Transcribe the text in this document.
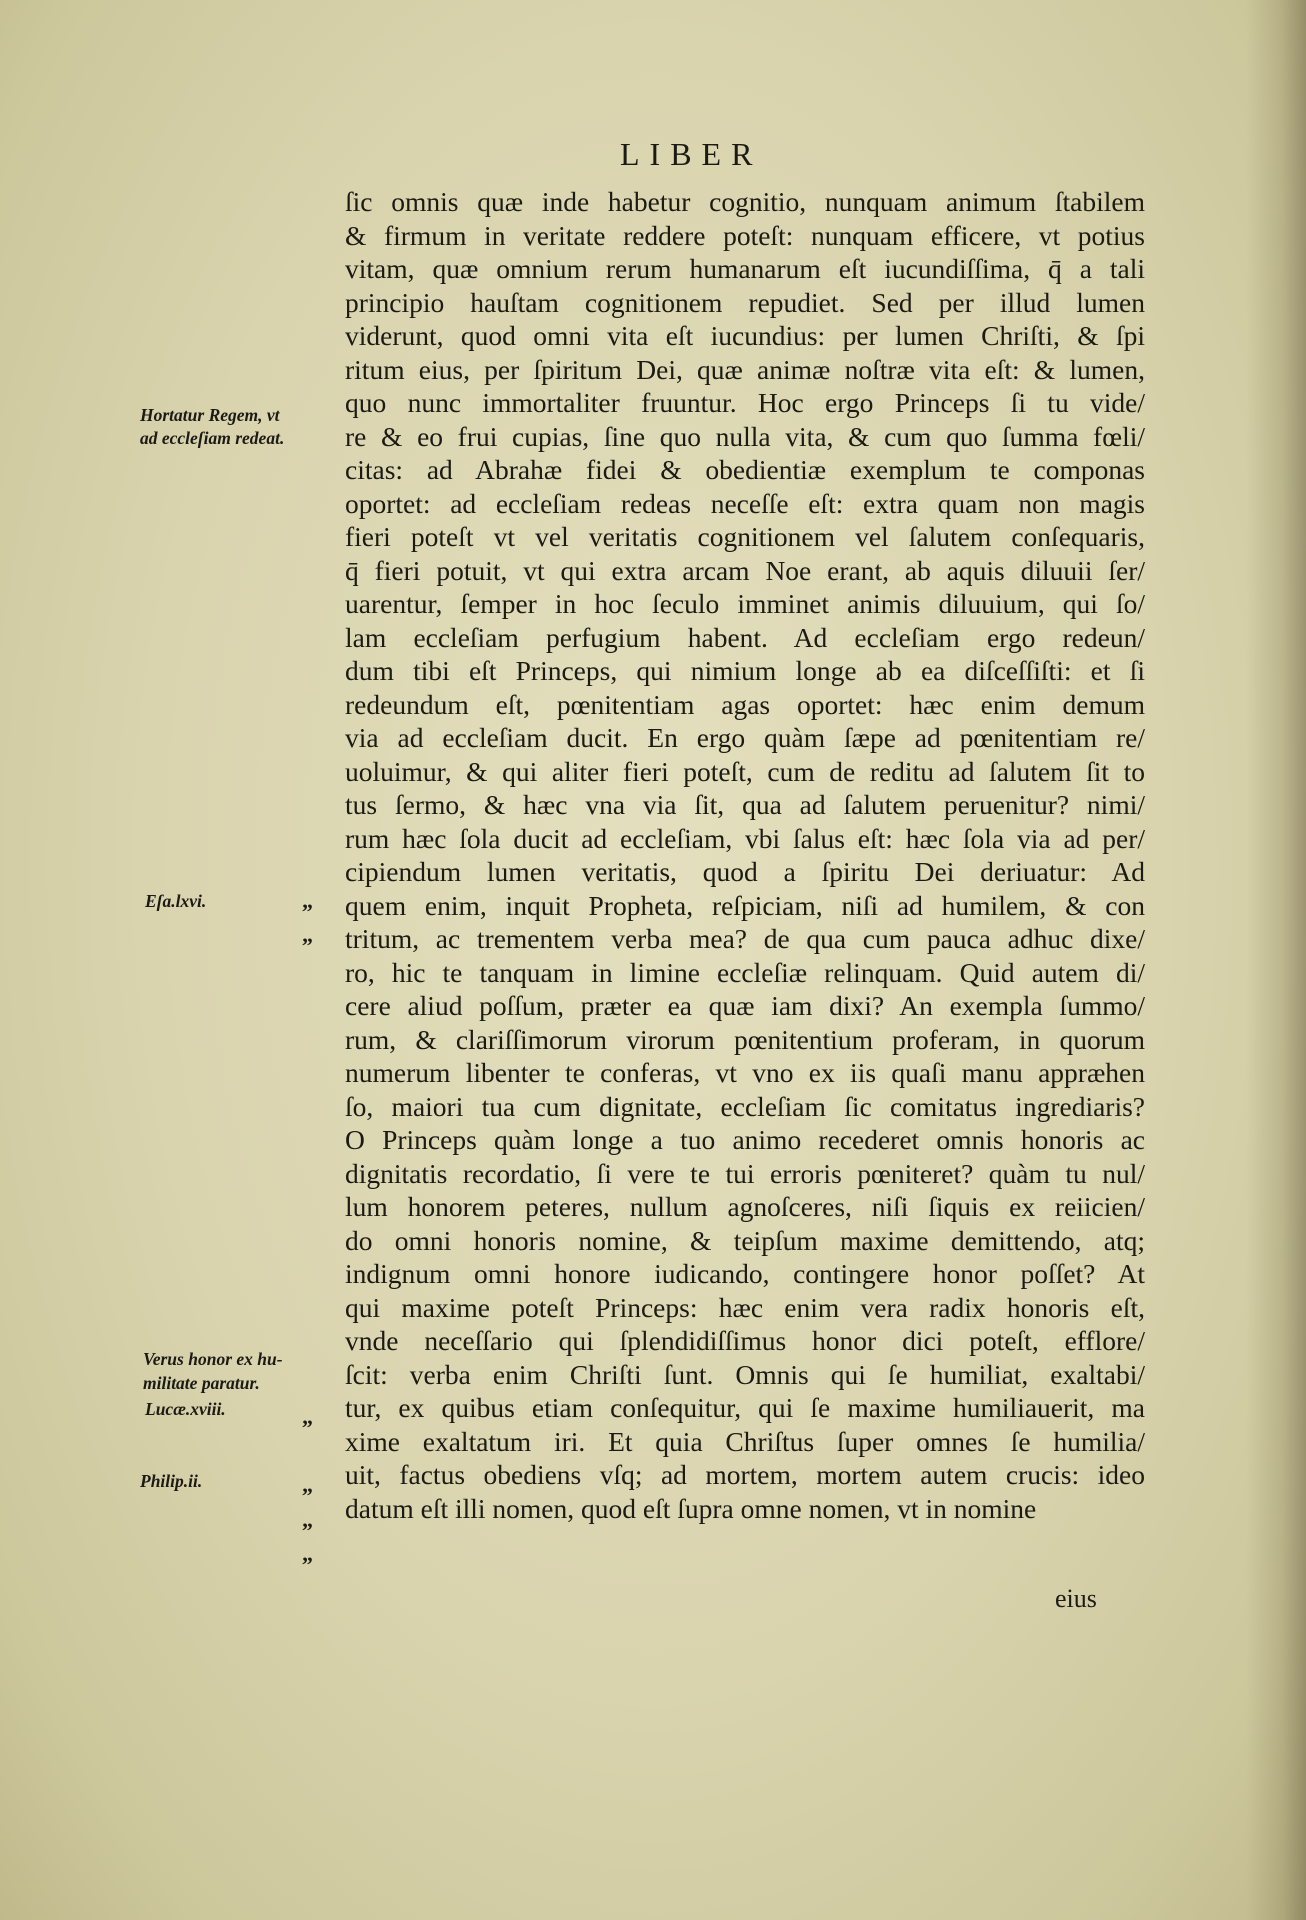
LIBER
ſic omnis quæ inde habetur cognitio, nunquam animum ſtabilem
& firmum in veritate reddere poteſt: nunquam efficere, vt potius
vitam, quæ omnium rerum humanarum eſt iucundiſſima, q̄ a tali
principio hauſtam cognitionem repudiet. Sed per illud lumen
viderunt, quod omni vita eſt iucundius: per lumen Chriſti, & ſpi
ritum eius, per ſpiritum Dei, quæ animæ noſtræ vita eſt: & lumen,
quo nunc immortaliter fruuntur. Hoc ergo Princeps ſi tu vide/
re & eo frui cupias, ſine quo nulla vita, & cum quo ſumma fœli/
citas: ad Abrahæ fidei & obedientiæ exemplum te componas
oportet: ad eccleſiam redeas neceſſe eſt: extra quam non magis
fieri poteſt vt vel veritatis cognitionem vel ſalutem conſequaris,
q̄ fieri potuit, vt qui extra arcam Noe erant, ab aquis diluuii ſer/
uarentur, ſemper in hoc ſeculo imminet animis diluuium, qui ſo/
lam eccleſiam perfugium habent. Ad eccleſiam ergo redeun/
dum tibi eſt Princeps, qui nimium longe ab ea diſceſſiſti: et ſi
redeundum eſt, pœnitentiam agas oportet: hæc enim demum
via ad eccleſiam ducit. En ergo quàm ſæpe ad pœnitentiam re/
uoluimur, & qui aliter fieri poteſt, cum de reditu ad ſalutem ſit to
tus ſermo, & hæc vna via ſit, qua ad ſalutem peruenitur? nimi/
rum hæc ſola ducit ad eccleſiam, vbi ſalus eſt: hæc ſola via ad per/
cipiendum lumen veritatis, quod a ſpiritu Dei deriuatur: Ad
quem enim, inquit Propheta, reſpiciam, niſi ad humilem, & con
tritum, ac trementem verba mea? de qua cum pauca adhuc dixe/
ro, hic te tanquam in limine eccleſiæ relinquam. Quid autem di/
cere aliud poſſum, præter ea quæ iam dixi? An exempla ſummo/
rum, & clariſſimorum virorum pœnitentium proferam, in quorum
numerum libenter te conferas, vt vno ex iis quaſi manu appræhen
ſo, maiori tua cum dignitate, eccleſiam ſic comitatus ingrediaris?
O Princeps quàm longe a tuo animo recederet omnis honoris ac
dignitatis recordatio, ſi vere te tui erroris pœniteret? quàm tu nul/
lum honorem peteres, nullum agnoſceres, niſi ſiquis ex reiicien/
do omni honoris nomine, & teipſum maxime demittendo, atq;
indignum omni honore iudicando, contingere honor poſſet? At
qui maxime poteſt Princeps: hæc enim vera radix honoris eſt,
vnde neceſſario qui ſplendidiſſimus honor dici poteſt, efflore/
ſcit: verba enim Chriſti ſunt. Omnis qui ſe humiliat, exaltabi/
tur, ex quibus etiam conſequitur, qui ſe maxime humiliauerit, ma
xime exaltatum iri. Et quia Chriſtus ſuper omnes ſe humilia/
uit, factus obediens vſq; ad mortem, mortem autem crucis: ideo
datum eſt illi nomen, quod eſt ſupra omne nomen, vt in nomine
eius
Hortatur Regem, vt
ad eccleſiam redeat.
Eſa.lxvi.
Verus honor ex hu-
militate paratur.
Lucæ.xviii.
Philip.ii.
„
„
„
„
„
„
